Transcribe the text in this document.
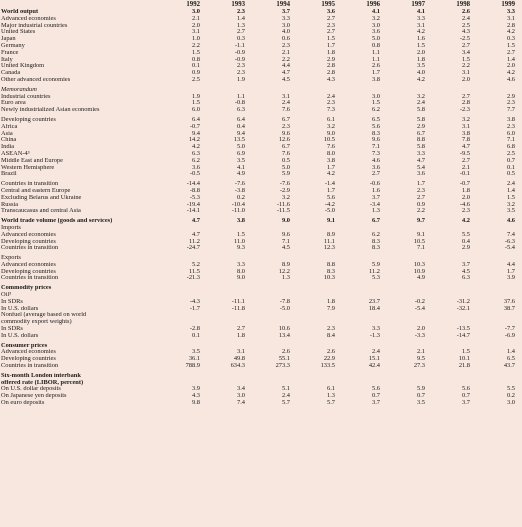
	1992	1993	1994	1995	1996	1997	1998	1999
World output	3.0	2.3	3.7	3.6	4.1	4.1	2.6	3.3
Advanced economies	2.1	1.4	3.3	2.7	3.2	3.3	2.4	3.1
Major industrial countries	2.0	1.3	3.0	2.3	3.0	3.1	2.5	2.8
United States	3.1	2.7	4.0	2.7	3.6	4.2	4.3	4.2
Japan	1.0	0.3	0.6	1.5	5.0	1.6	-2.5	0.3
Germany	2.2	-1.1	2.3	1.7	0.8	1.5	2.7	1.5
France	1.5	-0.9	2.1	1.8	1.1	2.0	3.4	2.7
Italy	0.8	-0.9	2.2	2.9	1.1	1.8	1.5	1.4
United Kingdom	0.1	2.3	4.4	2.8	2.6	3.5	2.2	2.0
Canada	0.9	2.3	4.7	2.8	1.7	4.0	3.1	4.2
Other advanced economies	2.5	1.9	4.5	4.3	3.8	4.2	2.0	4.6

Memorandum								
Industrial countries	1.9	1.1	3.1	2.4	3.0	3.2	2.7	2.9
Euro area	1.5	-0.8	2.4	2.3	1.5	2.4	2.8	2.3
Newly industrialized Asian economies	6.0	6.3	7.6	7.3	6.2	5.8	-2.3	7.7

Developing countries	6.4	6.4	6.7	6.1	6.5	5.8	3.2	3.8
Africa	-0.7	0.4	2.3	3.2	5.6	2.9	3.1	2.3
Asia	9.4	9.4	9.6	9.0	8.3	6.7	3.8	6.0
China	14.2	13.5	12.6	10.5	9.6	8.8	7.8	7.1
India	4.2	5.0	6.7	7.6	7.1	5.8	4.7	6.8
ASEAN-4³	6.3	6.9	7.6	8.0	7.3	3.3	-9.5	2.5
Middle East and Europe	6.2	3.5	0.5	3.8	4.6	4.7	2.7	0.7
Western Hemisphere	3.6	4.1	5.0	1.7	3.6	5.4	2.1	0.1
Brazil	-0.5	4.9	5.9	4.2	2.7	3.6	-0.1	0.5

Countries in transition	-14.4	-7.6	-7.6	-1.4	-0.6	1.7	-0.7	2.4
Central and eastern Europe	-8.8	-3.8	-2.9	1.7	1.6	2.3	1.8	1.4
Excluding Belarus and Ukraine	-5.3	0.2	3.2	5.6	3.7	2.7	2.0	1.5
Russia	-19.4	-10.4	-11.6	-4.2	-3.4	0.9	-4.6	3.2
Transcaucasus and central Asia	-14.1	-11.0	-11.5	-5.0	1.3	2.2	2.3	3.5

World trade volume (goods and services)	4.7	3.8	9.0	9.1	6.7	9.7	4.2	4.6
Imports								
Advanced economies	4.7	1.5	9.6	8.9	6.2	9.1	5.5	7.4
Developing countries	11.2	11.0	7.1	11.1	8.3	10.5	0.4	-6.3
Countries in transition	-24.7	9.3	4.5	12.3	8.3	7.1	2.9	-5.4

Exports								
Advanced economies	5.2	3.3	8.9	8.8	5.9	10.3	3.7	4.4
Developing countries	11.5	8.0	12.2	8.3	11.2	10.9	4.5	1.7
Countries in transition	-21.3	9.0	1.3	10.3	5.3	4.9	6.3	3.9

Commodity prices								
Oil³								
In SDRs	-4.3	-11.1	-7.8	1.8	23.7	-0.2	-31.2	37.6
In U.S. dollars	-1.7	-11.8	-5.0	7.9	18.4	-5.4	-32.1	38.7
Nonfuel (average based on world								
commodity export weights)								
In SDRs	-2.8	2.7	10.6	2.3	3.3	2.0	-13.5	-7.7
In U.S. dollars	0.1	1.8	13.4	8.4	-1.3	-3.3	-14.7	-6.9

Consumer prices								
Advanced economies	3.5	3.1	2.6	2.6	2.4	2.1	1.5	1.4
Developing countries	36.1	49.8	55.1	22.9	15.1	9.5	10.1	6.5
Countries in transition	788.9	634.3	273.3	133.5	42.4	27.3	21.8	43.7

Six-month London interbank								
offered rate (LIBOR, percent)								
On U.S. dollar deposits	3.9	3.4	5.1	6.1	5.6	5.9	5.6	5.5
On Japanese yen deposits	4.3	3.0	2.4	1.3	0.7	0.7	0.7	0.2
On euro deposits	9.8	7.4	5.7	5.7	3.7	3.5	3.7	3.0
